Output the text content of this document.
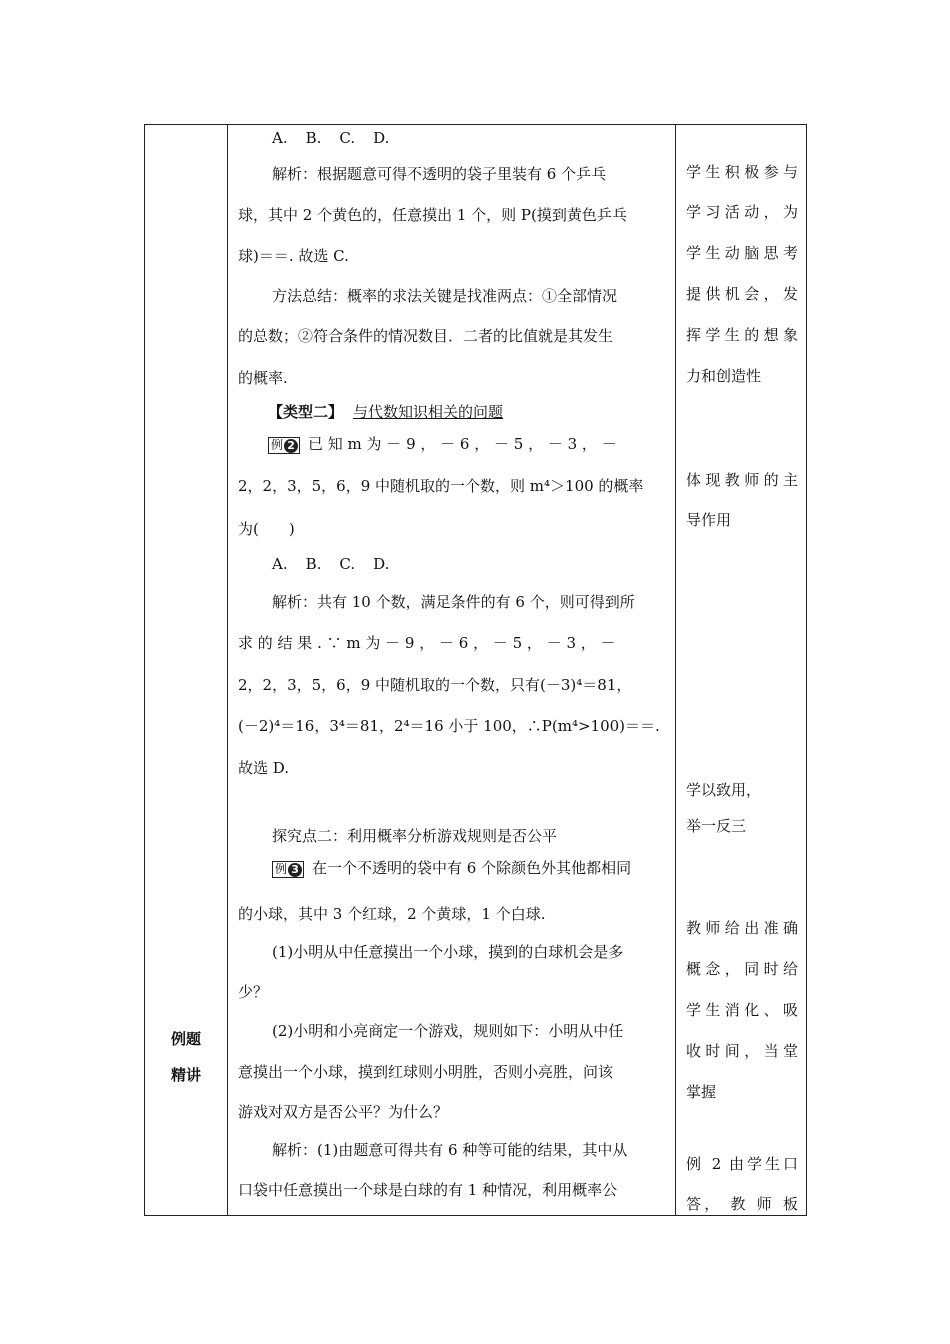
例题
精讲
A. B. C. D.
解析：根据题意可得不透明的袋子里装有 6 个乒乓
球，其中 2 个黄色的，任意摸出 1 个，则 P(摸到黄色乒乓
球)＝＝. 故选 C.
方法总结：概率的求法关键是找准两点：①全部情况
的总数；②符合条件的情况数目．二者的比值就是其发生
的概率.
【类型二】 与代数知识相关的问题
例 2 已 知 m 为 － 9 ， － 6 ， － 5 ， － 3 ， －
2，2，3，5，6，9 中随机取的一个数，则 m⁴＞100 的概率
为(　　)
A. B. C. D.
解析：共有 10 个数，满足条件的有 6 个，则可得到所
求 的 结 果 . ∵ m 为 － 9 ， － 6 ， － 5 ， － 3 ， －
2，2，3，5，6，9 中随机取的一个数，只有(－3)⁴＝81，
(－2)⁴＝16，3⁴＝81，2⁴＝16 小于 100，∴P(m⁴>100)＝＝.
故选 D.
探究点二：利用概率分析游戏规则是否公平
例 3 在一个不透明的袋中有 6 个除颜色外其他都相同
的小球，其中 3 个红球，2 个黄球，1 个白球.
(1)小明从中任意摸出一个小球，摸到的白球机会是多
少？
(2)小明和小亮商定一个游戏，规则如下：小明从中任
意摸出一个小球，摸到红球则小明胜，否则小亮胜，问该
游戏对双方是否公平？为什么？
解析：(1)由题意可得共有 6 种等可能的结果，其中从
口袋中任意摸出一个球是白球的有 1 种情况，利用概率公
学生积极参与
学习活动，为
学生动脑思考
提供机会，发
挥学生的想象
力和创造性
体现教师的主
导作用
学以致用，
举一反三
教师给出准确
概念，同时给
学生消化、吸
收时间，当堂
掌握
例 2 由学生口
答， 教 师 板
